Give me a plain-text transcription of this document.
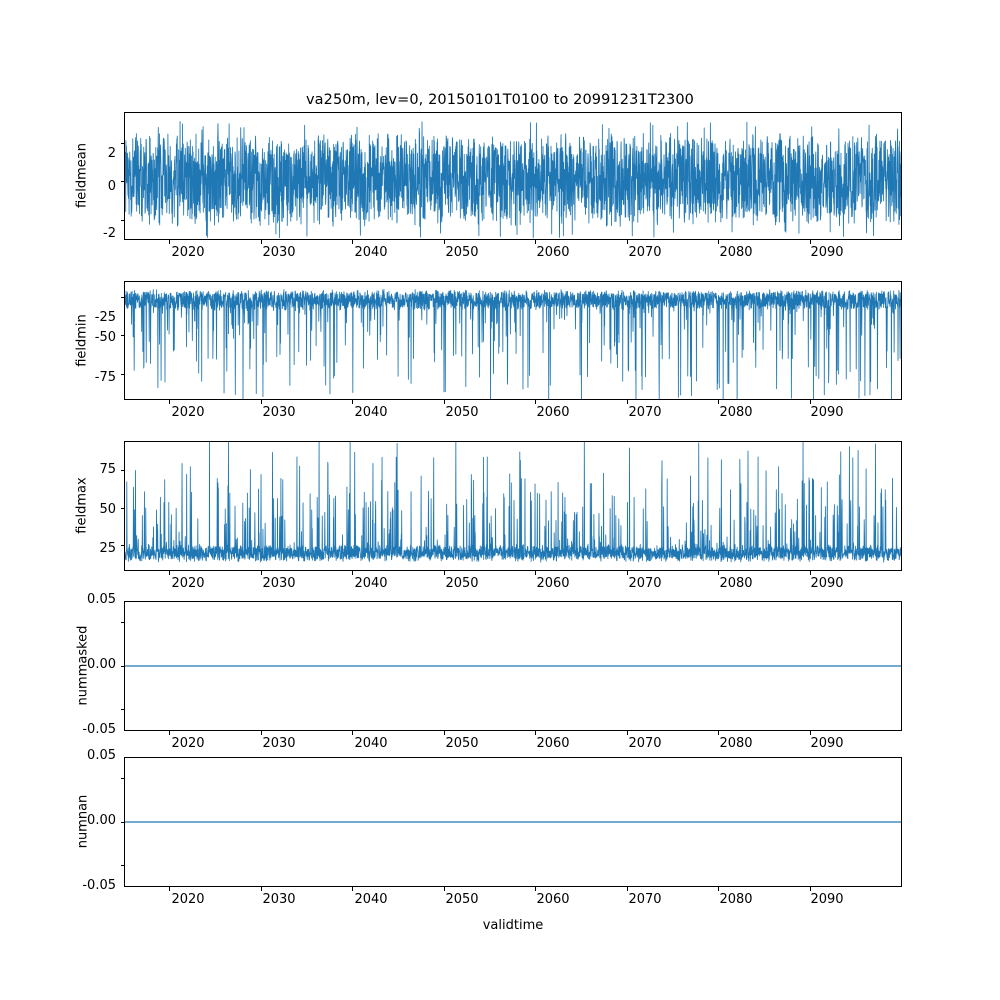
va250m, lev=0, 20150101T0100 to 20991231T2300
fieldmean	2
0
-2
2020	2030	2040	2050	2060	2070	2080	2090
fieldmin -25
-50
-75
2020	2030	2040	2050	2060	2070	2080	2090
fieldmax
75
50
25
2020	2030	2040	2050	2060	2070	2080	2090
nummasked
0.05
0.00
-0.05
2020	2030	2040	2050	2060	2070	2080	2090
numnan
0.05
0.00
-0.05
2020	2030	2040	2050	2060	2070	2080	2090
validtime
